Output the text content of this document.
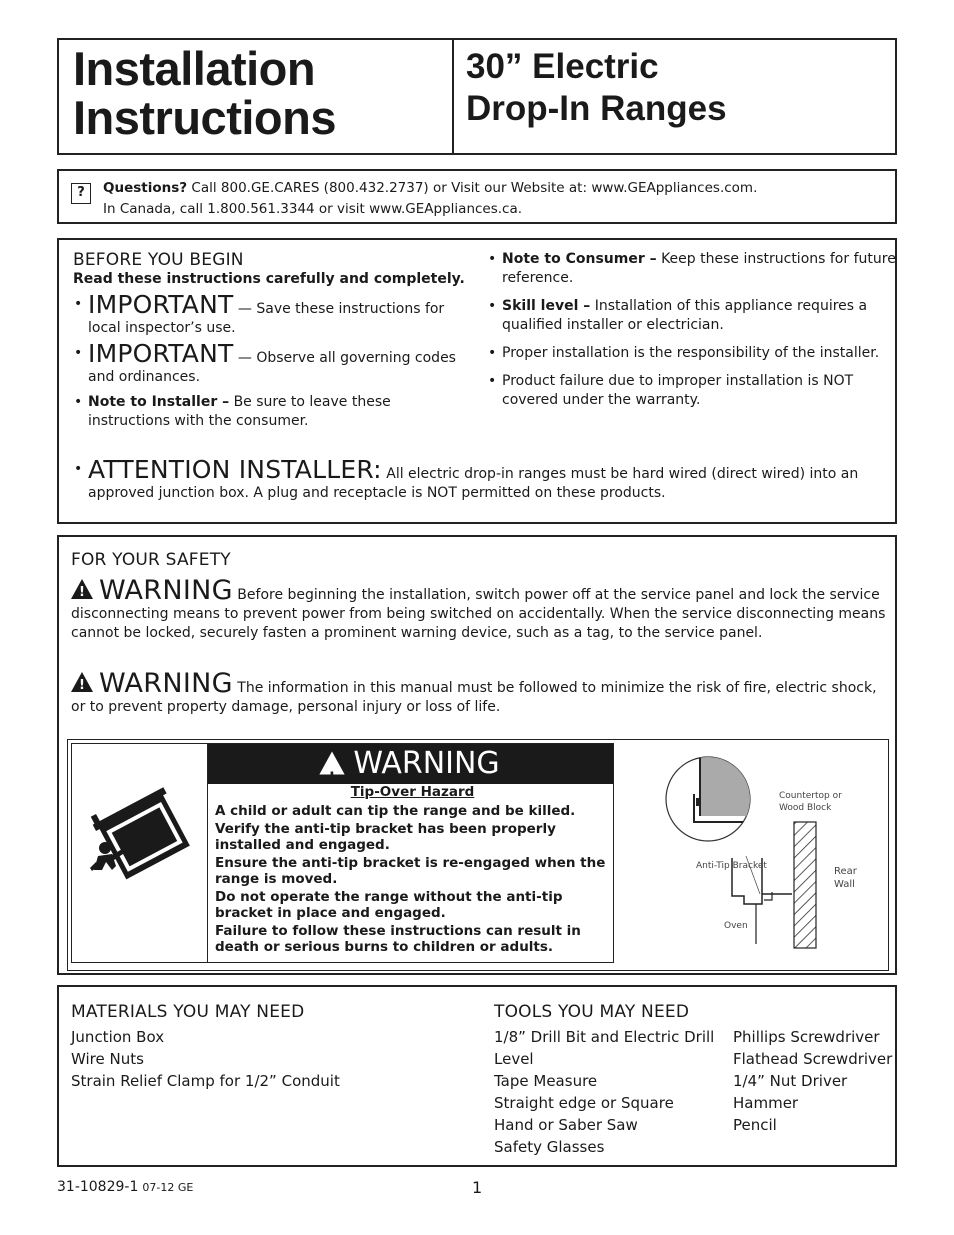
Installation
Instructions
30” Electric
Drop-In Ranges
?	Questions? Call 800.GE.CARES (800.432.2737) or Visit our Website at: www.GEAppliances.com.
In Canada, call 1.800.561.3344 or visit www.GEAppliances.ca.
BEFORE YOU BEGIN
Read these instructions carefully and completely.
• IMPORTANT — Save these instructions for local inspector’s use.
• IMPORTANT — Observe all governing codes and ordinances.
• Note to Installer – Be sure to leave these instructions with the consumer.
• Note to Consumer – Keep these instructions for future reference.
• Skill level – Installation of this appliance requires a qualified installer or electrician.
• Proper installation is the responsibility of the installer.
• Product failure due to improper installation is NOT covered under the warranty.
• ATTENTION INSTALLER: All electric drop-in ranges must be hard wired (direct wired) into an approved junction box. A plug and receptacle is NOT permitted on these products.
FOR YOUR SAFETY
!WARNING Before beginning the installation, switch power off at the service panel and lock the service disconnecting means to prevent power from being switched on accidentally. When the service disconnecting means cannot be locked, securely fasten a prominent warning device, such as a tag, to the service panel.
!WARNING The information in this manual must be followed to minimize the risk of fire, electric shock, or to prevent property damage, personal injury or loss of life.
!WARNING
Tip-Over Hazard

A child or adult can tip the range and be killed.

Verify the anti-tip bracket has been properly installed and engaged.

Ensure the anti-tip bracket is re-engaged when the range is moved.

Do not operate the range without the anti-tip bracket in place and engaged.

Failure to follow these instructions can result in death or serious burns to children or adults.

Countertop or
Wood Block
Anti-Tip Bracket	Rear
Wall
Oven
MATERIALS YOU MAY NEED
Junction Box
Wire Nuts
Strain Relief Clamp for 1/2” Conduit
TOOLS YOU MAY NEED
1/8” Drill Bit and Electric Drill
Level
Tape Measure
Straight edge or Square
Hand or Saber Saw
Safety Glasses
Phillips Screwdriver
Flathead Screwdriver
1/4” Nut Driver
Hammer
Pencil
31-10829-1 07-12 GE	1
